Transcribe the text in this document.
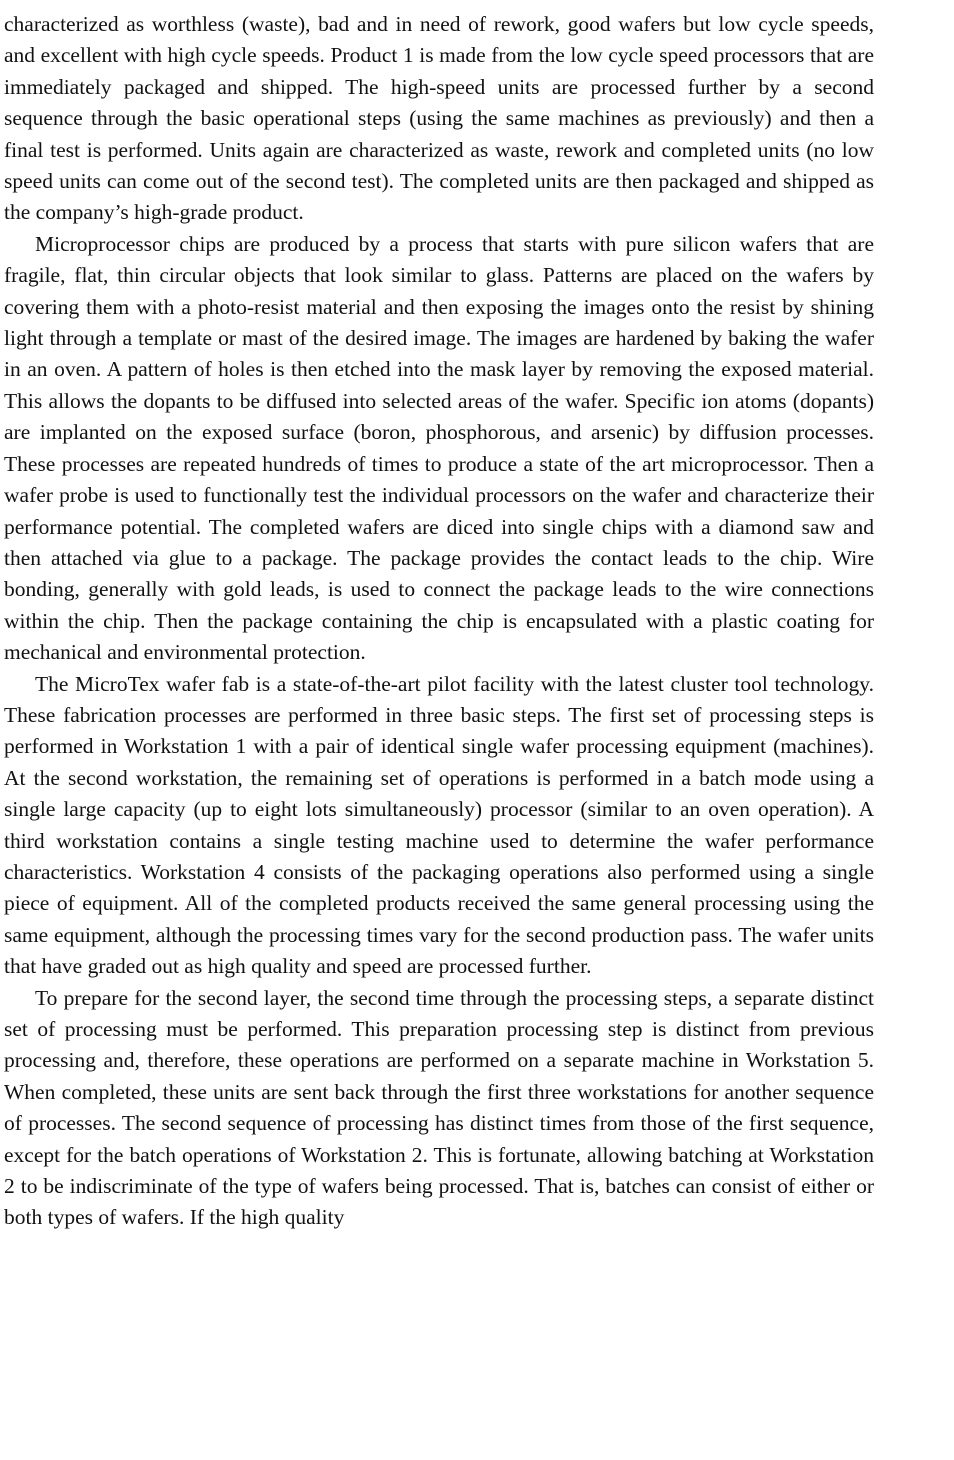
characterized as worthless (waste), bad and in need of rework, good wafers but low cycle speeds, and excellent with high cycle speeds. Product 1 is made from the low cycle speed processors that are immediately packaged and shipped. The high-speed units are processed further by a second sequence through the basic operational steps (using the same machines as previously) and then a final test is performed. Units again are characterized as waste, rework and completed units (no low speed units can come out of the second test). The completed units are then packaged and shipped as the company’s high-grade product.

Microprocessor chips are produced by a process that starts with pure silicon wafers that are fragile, flat, thin circular objects that look similar to glass. Patterns are placed on the wafers by covering them with a photo-resist material and then exposing the images onto the resist by shining light through a template or mast of the desired image. The images are hardened by baking the wafer in an oven. A pattern of holes is then etched into the mask layer by removing the exposed material. This allows the dopants to be diffused into selected areas of the wafer. Specific ion atoms (dopants) are implanted on the exposed surface (boron, phosphorous, and arsenic) by diffusion processes. These processes are repeated hundreds of times to produce a state of the art microprocessor. Then a wafer probe is used to functionally test the individual processors on the wafer and characterize their performance potential. The completed wafers are diced into single chips with a diamond saw and then attached via glue to a package. The package provides the contact leads to the chip. Wire bonding, generally with gold leads, is used to connect the package leads to the wire connections within the chip. Then the package containing the chip is encapsulated with a plastic coating for mechanical and environmental protection.

The MicroTex wafer fab is a state-of-the-art pilot facility with the latest cluster tool technology. These fabrication processes are performed in three basic steps. The first set of processing steps is performed in Workstation 1 with a pair of identical single wafer processing equipment (machines). At the second workstation, the remaining set of operations is performed in a batch mode using a single large capacity (up to eight lots simultaneously) processor (similar to an oven operation). A third workstation contains a single testing machine used to determine the wafer performance characteristics. Workstation 4 consists of the packaging operations also performed using a single piece of equipment. All of the completed products received the same general processing using the same equipment, although the processing times vary for the second production pass. The wafer units that have graded out as high quality and speed are processed further.

To prepare for the second layer, the second time through the processing steps, a separate distinct set of processing must be performed. This preparation processing step is distinct from previous processing and, therefore, these operations are performed on a separate machine in Workstation 5. When completed, these units are sent back through the first three workstations for another sequence of processes. The second sequence of processing has distinct times from those of the first sequence, except for the batch operations of Workstation 2. This is fortunate, allowing batching at Workstation 2 to be indiscriminate of the type of wafers being processed. That is, batches can consist of either or both types of wafers. If the high quality
